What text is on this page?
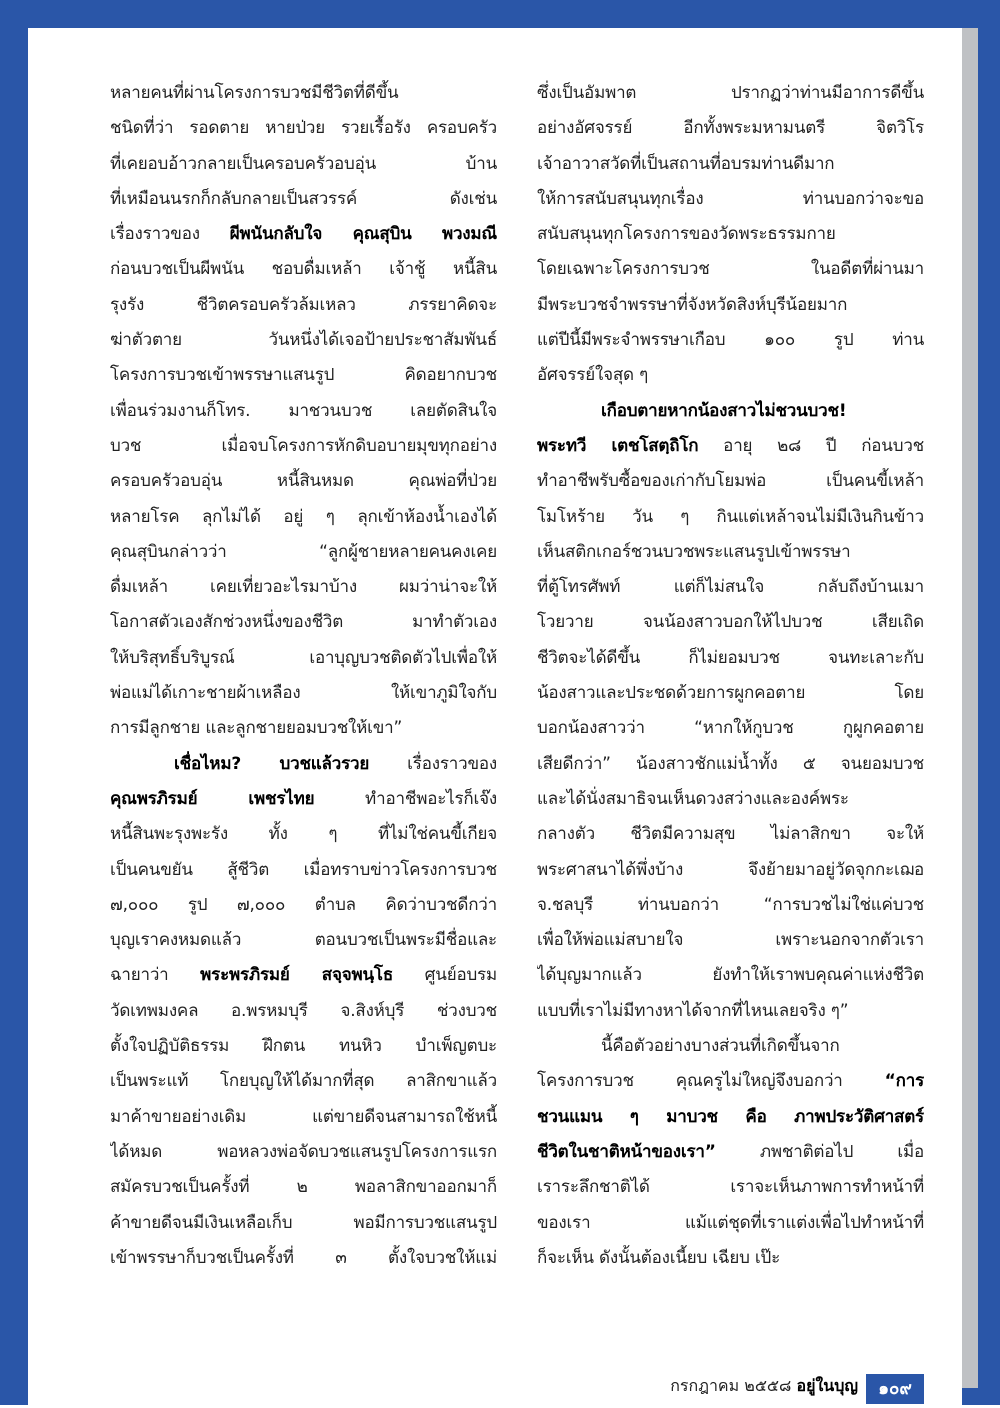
หลายคนที่ผ่านโครงการบวชมีชีวิตที่ดีขึ้น
ชนิดที่ว่า รอดตาย หายป่วย รวยเรื้อรัง ครอบครัว
ที่เคยอบอ้าวกลายเป็นครอบครัวอบอุ่น บ้าน
ที่เหมือนนรกก็กลับกลายเป็นสวรรค์ ดังเช่น
เรื่องราวของ ผีพนันกลับใจ คุณสุบิน พวงมณี
ก่อนบวชเป็นผีพนัน ชอบดื่มเหล้า เจ้าชู้ หนี้สิน
รุงรัง ชีวิตครอบครัวล้มเหลว ภรรยาคิดจะ
ฆ่าตัวตาย วันหนึ่งได้เจอป้ายประชาสัมพันธ์
โครงการบวชเข้าพรรษาแสนรูป คิดอยากบวช
เพื่อนร่วมงานก็โทร. มาชวนบวช เลยตัดสินใจ
บวช เมื่อจบโครงการหักดิบอบายมุขทุกอย่าง
ครอบครัวอบอุ่น หนี้สินหมด คุณพ่อที่ป่วย
หลายโรค ลุกไม่ได้ อยู่ ๆ ลุกเข้าห้องน้ำเองได้
คุณสุบินกล่าวว่า “ลูกผู้ชายหลายคนคงเคย
ดื่มเหล้า เคยเที่ยวอะไรมาบ้าง ผมว่าน่าจะให้
โอกาสตัวเองสักช่วงหนึ่งของชีวิต มาทำตัวเอง
ให้บริสุทธิ์บริบูรณ์ เอาบุญบวชติดตัวไปเพื่อให้
พ่อแม่ได้เกาะชายผ้าเหลือง ให้เขาภูมิใจกับ
การมีลูกชาย และลูกชายยอมบวชให้เขา”
เชื่อไหม? บวชแล้วรวย เรื่องราวของ
คุณพรภิรมย์ เพชรไทย ทำอาชีพอะไรก็เจ๊ง
หนี้สินพะรุงพะรัง ทั้ง ๆ ที่ไม่ใช่คนขี้เกียจ
เป็นคนขยัน สู้ชีวิต เมื่อทราบข่าวโครงการบวช
๗,๐๐๐ รูป ๗,๐๐๐ ตำบล คิดว่าบวชดีกว่า
บุญเราคงหมดแล้ว ตอนบวชเป็นพระมีชื่อและ
ฉายาว่า พระพรภิรมย์ สจฺจพนฺโธ ศูนย์อบรม
วัดเทพมงคล อ.พรหมบุรี จ.สิงห์บุรี ช่วงบวช
ตั้งใจปฏิบัติธรรม ฝึกตน ทนหิว บำเพ็ญตบะ
เป็นพระแท้ โกยบุญให้ได้มากที่สุด ลาสิกขาแล้ว
มาค้าขายอย่างเดิม แต่ขายดีจนสามารถใช้หนี้
ได้หมด พอหลวงพ่อจัดบวชแสนรูปโครงการแรก
สมัครบวชเป็นครั้งที่ ๒ พอลาสิกขาออกมาก็
ค้าขายดีจนมีเงินเหลือเก็บ พอมีการบวชแสนรูป
เข้าพรรษาก็บวชเป็นครั้งที่ ๓ ตั้งใจบวชให้แม่
ซึ่งเป็นอัมพาต ปรากฏว่าท่านมีอาการดีขึ้น
อย่างอัศจรรย์ อีกทั้งพระมหามนตรี จิตวิโร
เจ้าอาวาสวัดที่เป็นสถานที่อบรมท่านดีมาก
ให้การสนับสนุนทุกเรื่อง ท่านบอกว่าจะขอ
สนับสนุนทุกโครงการของวัดพระธรรมกาย
โดยเฉพาะโครงการบวช ในอดีตที่ผ่านมา
มีพระบวชจำพรรษาที่จังหวัดสิงห์บุรีน้อยมาก
แต่ปีนี้มีพระจำพรรษาเกือบ ๑๐๐ รูป ท่าน
อัศจรรย์ใจสุด ๆ
เกือบตายหากน้องสาวไม่ชวนบวช!
พระทวี เตชโสตฺถิโก อายุ ๒๘ ปี ก่อนบวช
ทำอาชีพรับซื้อของเก่ากับโยมพ่อ เป็นคนขี้เหล้า
โมโหร้าย วัน ๆ กินแต่เหล้าจนไม่มีเงินกินข้าว
เห็นสติกเกอร์ชวนบวชพระแสนรูปเข้าพรรษา
ที่ตู้โทรศัพท์ แต่ก็ไม่สนใจ กลับถึงบ้านเมา
โวยวาย จนน้องสาวบอกให้ไปบวช เสียเถิด
ชีวิตจะได้ดีขึ้น ก็ไม่ยอมบวช จนทะเลาะกับ
น้องสาวและประชดด้วยการผูกคอตาย โดย
บอกน้องสาวว่า “หากให้กูบวช กูผูกคอตาย
เสียดีกว่า” น้องสาวชักแม่น้ำทั้ง ๕ จนยอมบวช
และได้นั่งสมาธิจนเห็นดวงสว่างและองค์พระ
กลางตัว ชีวิตมีความสุข ไม่ลาสิกขา จะให้
พระศาสนาได้พึ่งบ้าง จึงย้ายมาอยู่วัดจุกกะเฌอ
จ.ชลบุรี ท่านบอกว่า “การบวชไม่ใช่แค่บวช
เพื่อให้พ่อแม่สบายใจ เพราะนอกจากตัวเรา
ได้บุญมากแล้ว ยังทำให้เราพบคุณค่าแห่งชีวิต
แบบที่เราไม่มีทางหาได้จากที่ไหนเลยจริง ๆ”
นี้คือตัวอย่างบางส่วนที่เกิดขึ้นจาก
โครงการบวช คุณครูไม่ใหญ่จึงบอกว่า “การ
ชวนแมน ๆ มาบวช คือ ภาพประวัติศาสตร์
ชีวิตในชาติหน้าของเรา” ภพชาติต่อไป เมื่อ
เราระลึกชาติได้ เราจะเห็นภาพการทำหน้าที่
ของเรา แม้แต่ชุดที่เราแต่งเพื่อไปทำหน้าที่
ก็จะเห็น ดังนั้นต้องเนี้ยบ เฉียบ เป๊ะ
กรกฎาคม ๒๕๕๘ อยู่ในบุญ	๑๐๙
